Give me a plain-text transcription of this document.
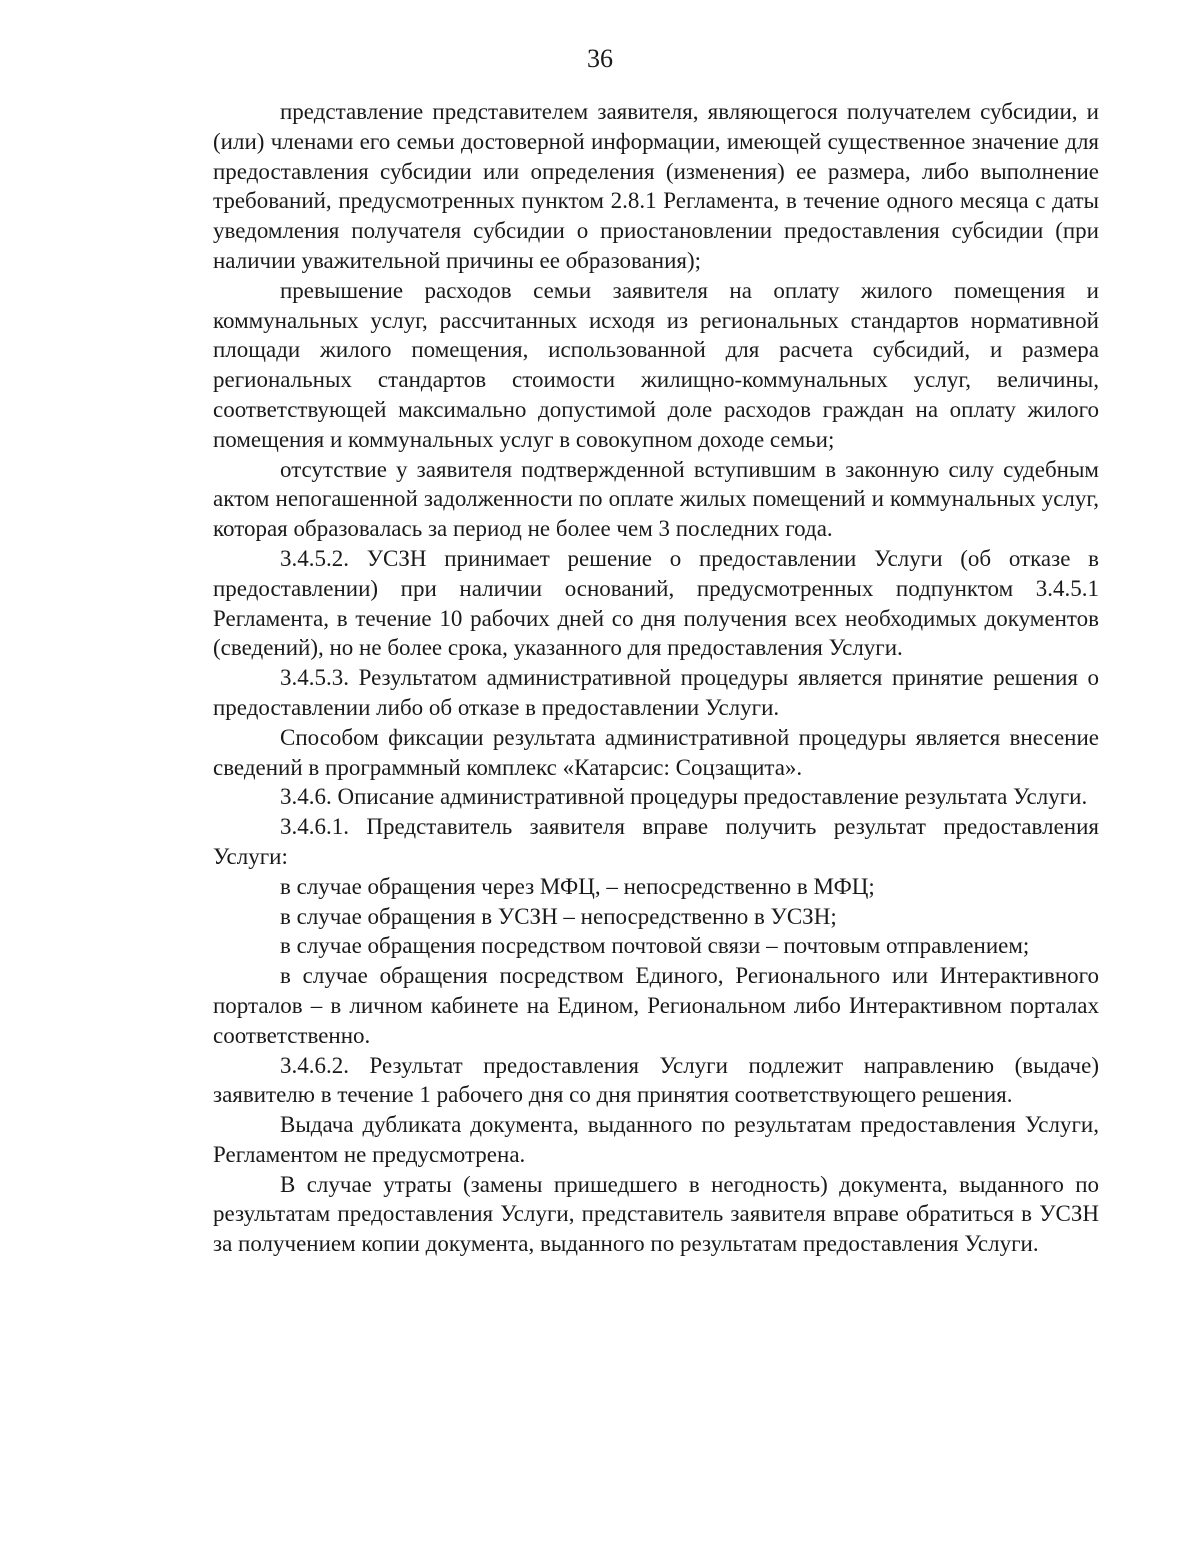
36

представление представителем заявителя, являющегося получателем субсидии, и (или) членами его семьи достоверной информации, имеющей существенное значение для предоставления субсидии или определения (изменения) ее размера, либо выполнение требований, предусмотренных пунктом 2.8.1 Регламента, в течение одного месяца с даты уведомления получателя субсидии о приостановлении предоставления субсидии (при наличии уважительной причины ее образования);

превышение расходов семьи заявителя на оплату жилого помещения и коммунальных услуг, рассчитанных исходя из региональных стандартов нормативной площади жилого помещения, использованной для расчета субсидий, и размера региональных стандартов стоимости жилищно-коммунальных услуг, величины, соответствующей максимально допустимой доле расходов граждан на оплату жилого помещения и коммунальных услуг в совокупном доходе семьи;

отсутствие у заявителя подтвержденной вступившим в законную силу судебным актом непогашенной задолженности по оплате жилых помещений и коммунальных услуг, которая образовалась за период не более чем 3 последних года.

3.4.5.2. УСЗН принимает решение о предоставлении Услуги (об отказе в предоставлении) при наличии оснований, предусмотренных подпунктом 3.4.5.1 Регламента, в течение 10 рабочих дней со дня получения всех необходимых документов (сведений), но не более срока, указанного для предоставления Услуги.

3.4.5.3. Результатом административной процедуры является принятие решения о предоставлении либо об отказе в предоставлении Услуги.

Способом фиксации результата административной процедуры является внесение сведений в программный комплекс «Катарсис: Соцзащита».

3.4.6. Описание административной процедуры предоставление результата Услуги.

3.4.6.1. Представитель заявителя вправе получить результат предоставления Услуги:

в случае обращения через МФЦ, – непосредственно в МФЦ;

в случае обращения в УСЗН – непосредственно в УСЗН;

в случае обращения посредством почтовой связи – почтовым отправлением;

в случае обращения посредством Единого, Регионального или Интерактивного порталов – в личном кабинете на Едином, Региональном либо Интерактивном порталах соответственно.

3.4.6.2. Результат предоставления Услуги подлежит направлению (выдаче) заявителю в течение 1 рабочего дня со дня принятия соответствующего решения.

Выдача дубликата документа, выданного по результатам предоставления Услуги, Регламентом не предусмотрена.

В случае утраты (замены пришедшего в негодность) документа, выданного по результатам предоставления Услуги, представитель заявителя вправе обратиться в УСЗН за получением копии документа, выданного по результатам предоставления Услуги.
